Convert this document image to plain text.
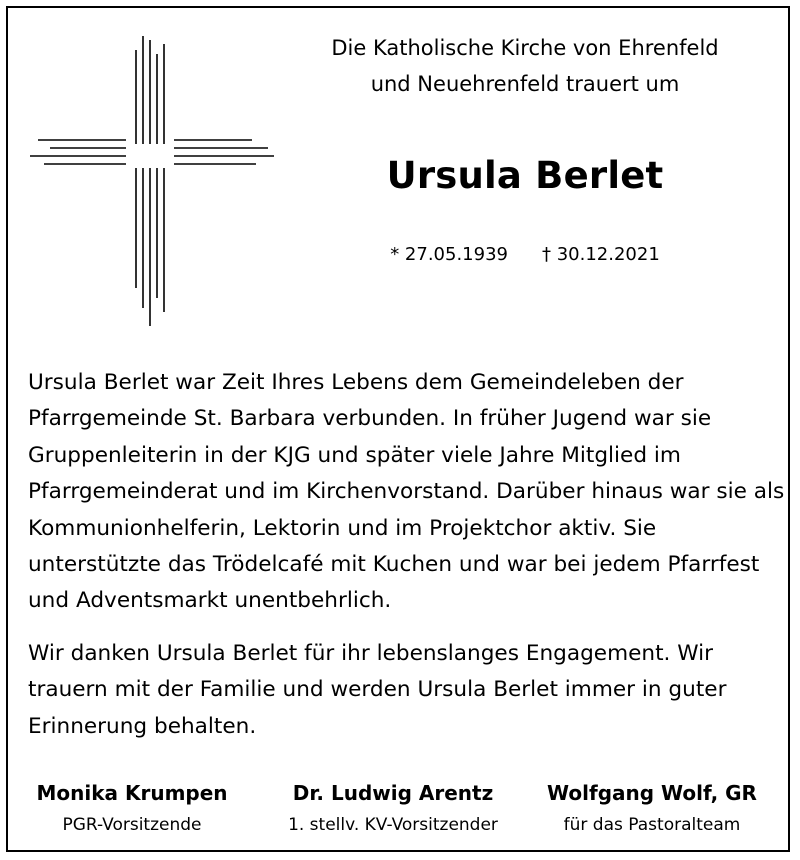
Die Katholische Kirche von Ehrenfeld
und Neuehrenfeld trauert um
Ursula Berlet
* 27.05.1939 † 30.12.2021

Ursula Berlet war Zeit Ihres Lebens dem Gemeindeleben der Pfarrgemeinde St. Barbara verbunden. In früher Jugend war sie Gruppenleiterin in der KJG und später viele Jahre Mitglied im Pfarrgemeinderat und im Kirchenvorstand. Darüber hinaus war sie als Kommunionhelferin, Lektorin und im Projektchor aktiv. Sie unterstützte das Trödelcafé mit Kuchen und war bei jedem Pfarrfest und Adventsmarkt unentbehrlich.

Wir danken Ursula Berlet für ihr lebenslanges Engagement. Wir trauern mit der Familie und werden Ursula Berlet immer in guter Erinnerung behalten.

Monika Krumpen
PGR-Vorsitzende
Dr. Ludwig Arentz
1. stellv. KV-Vorsitzender
Wolfgang Wolf, GR
für das Pastoralteam
